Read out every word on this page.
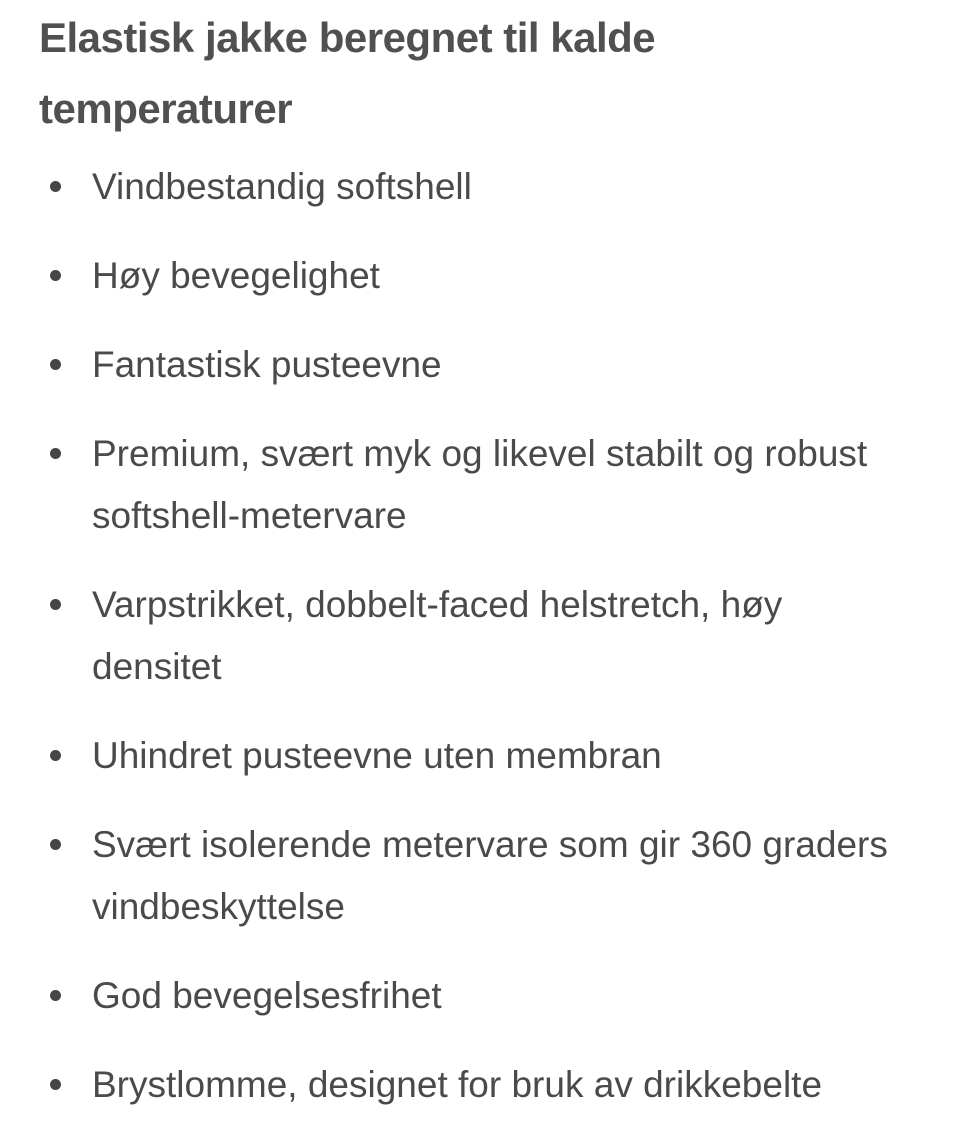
Elastisk jakke beregnet til kalde temperaturer
Vindbestandig softshell
Høy bevegelighet
Fantastisk pusteevne
Premium, svært myk og likevel stabilt og robust softshell-metervare
Varpstrikket, dobbelt-faced helstretch, høy densitet
Uhindret pusteevne uten membran
Svært isolerende metervare som gir 360 graders vindbeskyttelse
God bevegelsesfrihet
Brystlomme, designet for bruk av drikkebelte
